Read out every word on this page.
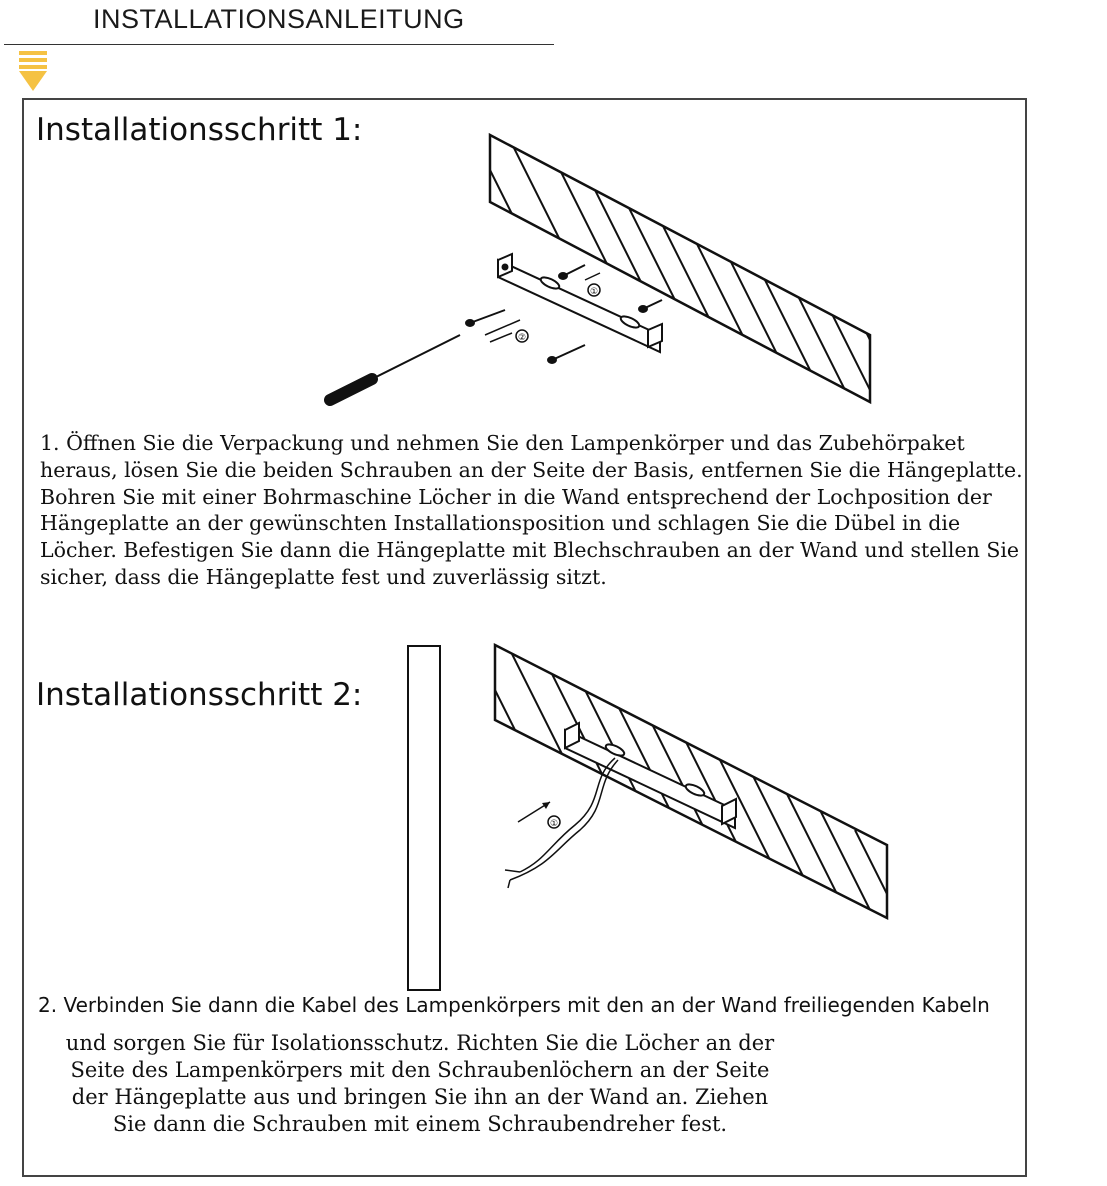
INSTALLATIONSANLEITUNG
Installationsschritt 1:
①
②
1. Öffnen Sie die Verpackung und nehmen Sie den Lampenkörper und das Zubehörpaket
heraus, lösen Sie die beiden Schrauben an der Seite der Basis, entfernen Sie die Hängeplatte.
Bohren Sie mit einer Bohrmaschine Löcher in die Wand entsprechend der Lochposition der
Hängeplatte an der gewünschten Installationsposition und schlagen Sie die Dübel in die
Löcher. Befestigen Sie dann die Hängeplatte mit Blechschrauben an der Wand und stellen Sie
sicher, dass die Hängeplatte fest und zuverlässig sitzt.
Installationsschritt 2:
①
2. Verbinden Sie dann die Kabel des Lampenkörpers mit den an der Wand freiliegenden Kabeln
und sorgen Sie für Isolationsschutz. Richten Sie die Löcher an der
Seite des Lampenkörpers mit den Schraubenlöchern an der Seite
der Hängeplatte aus und bringen Sie ihn an der Wand an. Ziehen
Sie dann die Schrauben mit einem Schraubendreher fest.
